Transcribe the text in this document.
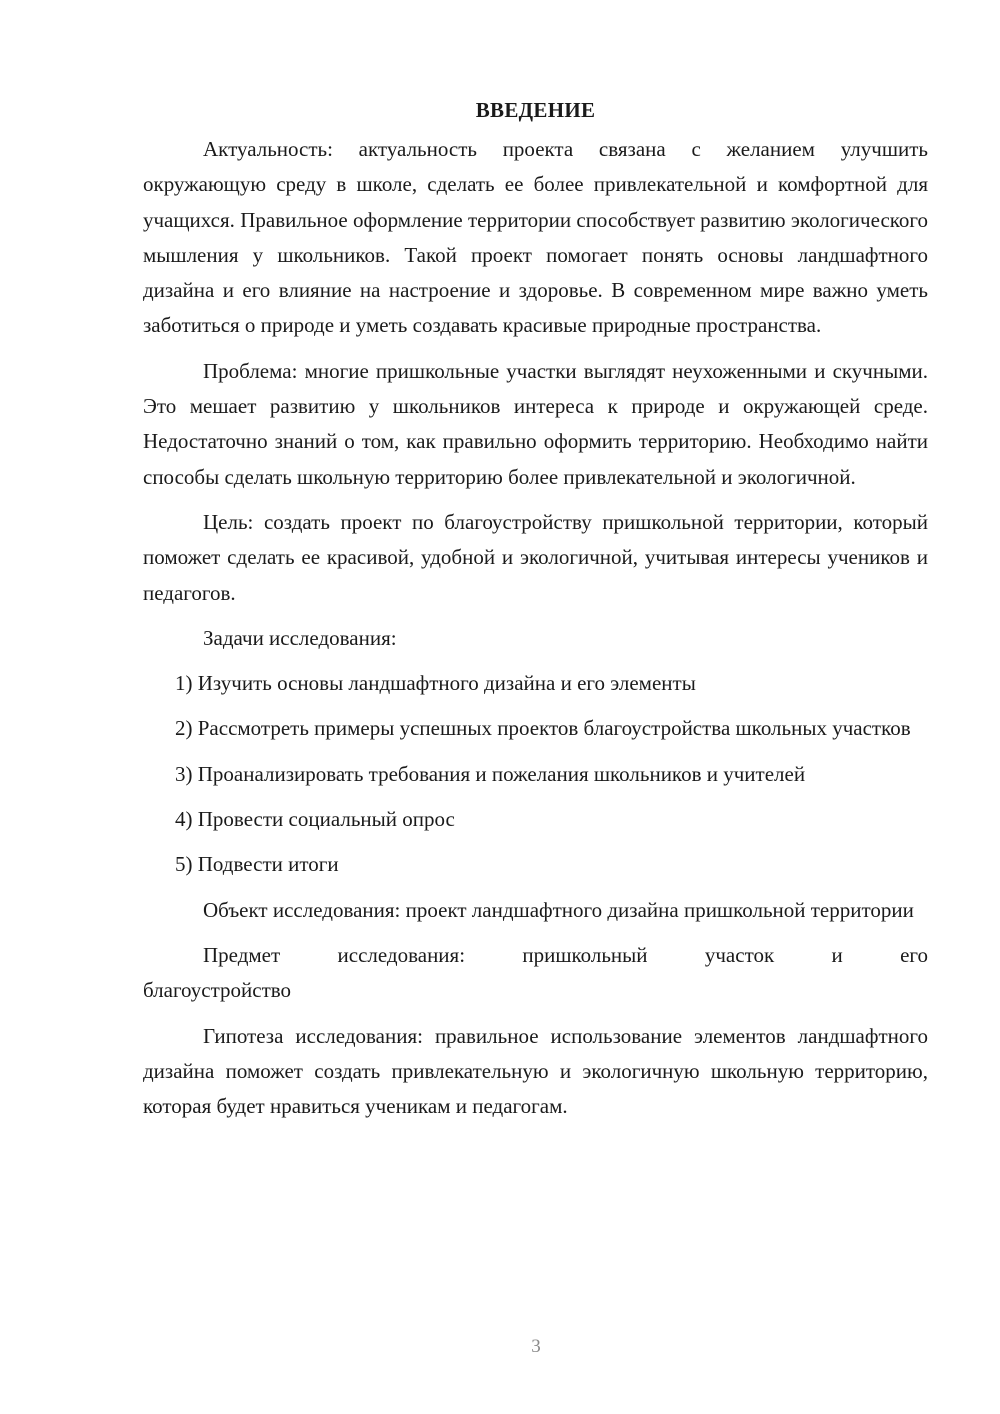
ВВЕДЕНИЕ

Актуальность: актуальность проекта связана с желанием улучшить окружающую среду в школе, сделать ее более привлекательной и комфортной для учащихся. Правильное оформление территории способствует развитию экологического мышления у школьников. Такой проект помогает понять основы ландшафтного дизайна и его влияние на настроение и здоровье. В современном мире важно уметь заботиться о природе и уметь создавать красивые природные пространства.

Проблема: многие пришкольные участки выглядят неухоженными и скучными. Это мешает развитию у школьников интереса к природе и окружающей среде. Недостаточно знаний о том, как правильно оформить территорию. Необходимо найти способы сделать школьную территорию более привлекательной и экологичной.

Цель: создать проект по благоустройству пришкольной территории, который поможет сделать ее красивой, удобной и экологичной, учитывая интересы учеников и педагогов.

Задачи исследования:

1) Изучить основы ландшафтного дизайна и его элементы

2) Рассмотреть примеры успешных проектов благоустройства школьных участков

3) Проанализировать требования и пожелания школьников и учителей

4) Провести социальный опрос

5) Подвести итоги

Объект исследования: проект ландшафтного дизайна пришкольной территории

Предмет исследования: пришкольный участок и его
благоустройство

Гипотеза исследования: правильное использование элементов ландшафтного дизайна поможет создать привлекательную и экологичную школьную территорию, которая будет нравиться ученикам и педагогам.

3
